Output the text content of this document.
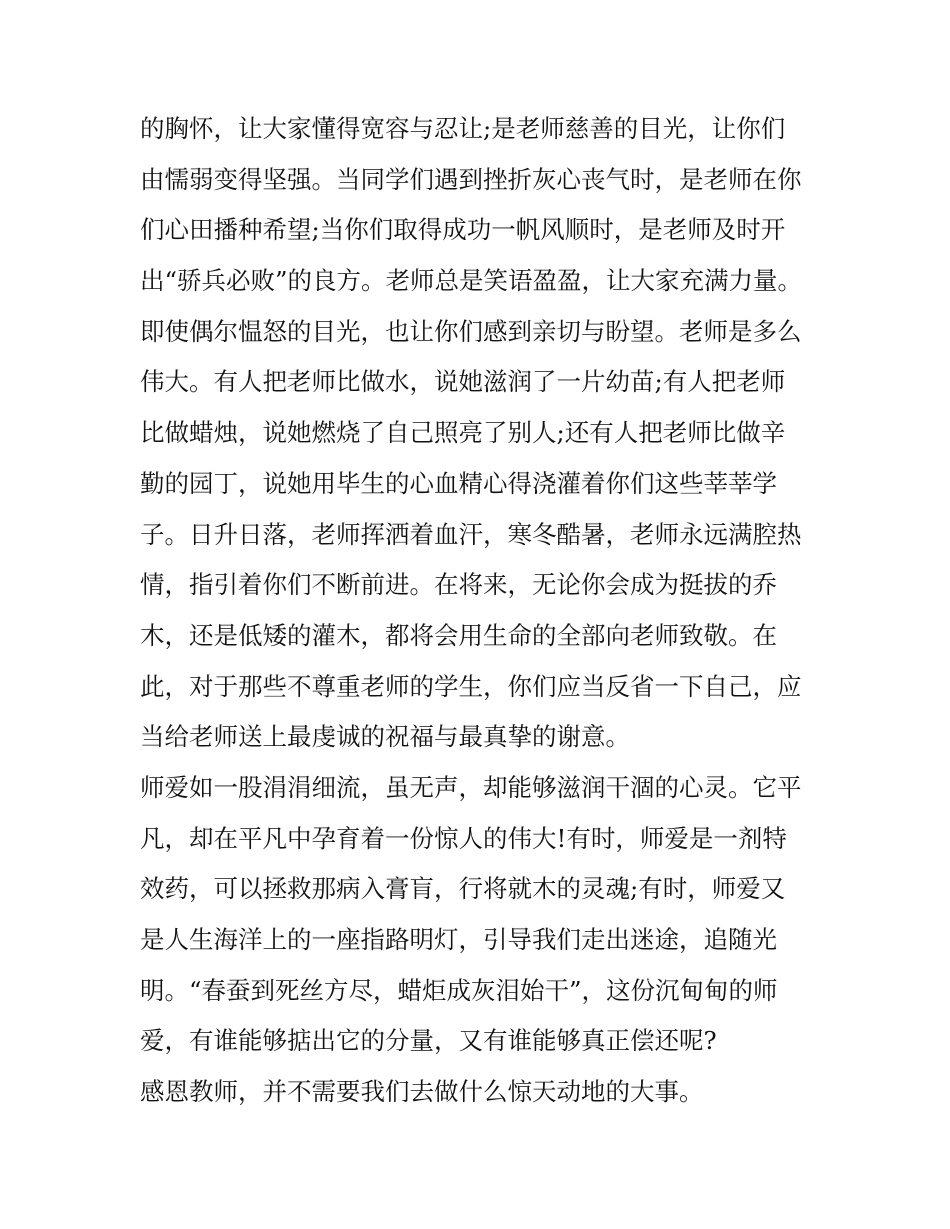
的胸怀，让大家懂得宽容与忍让;是老师慈善的目光，让你们
由懦弱变得坚强。当同学们遇到挫折灰心丧气时，是老师在你
们心田播种希望;当你们取得成功一帆风顺时，是老师及时开
出“骄兵必败”的良方。老师总是笑语盈盈，让大家充满力量。
即使偶尔愠怒的目光，也让你们感到亲切与盼望。老师是多么
伟大。有人把老师比做水，说她滋润了一片幼苗;有人把老师
比做蜡烛，说她燃烧了自己照亮了别人;还有人把老师比做辛
勤的园丁，说她用毕生的心血精心得浇灌着你们这些莘莘学
子。日升日落，老师挥洒着血汗，寒冬酷暑，老师永远满腔热
情，指引着你们不断前进。在将来，无论你会成为挺拔的乔
木，还是低矮的灌木，都将会用生命的全部向老师致敬。在
此，对于那些不尊重老师的学生，你们应当反省一下自己，应
当给老师送上最虔诚的祝福与最真挚的谢意。
师爱如一股涓涓细流，虽无声，却能够滋润干涸的心灵。它平
凡，却在平凡中孕育着一份惊人的伟大!有时，师爱是一剂特
效药，可以拯救那病入膏肓，行将就木的灵魂;有时，师爱又
是人生海洋上的一座指路明灯，引导我们走出迷途，追随光
明。“春蚕到死丝方尽，蜡炬成灰泪始干”，这份沉甸甸的师
爱，有谁能够掂出它的分量，又有谁能够真正偿还呢?
感恩教师，并不需要我们去做什么惊天动地的大事。
